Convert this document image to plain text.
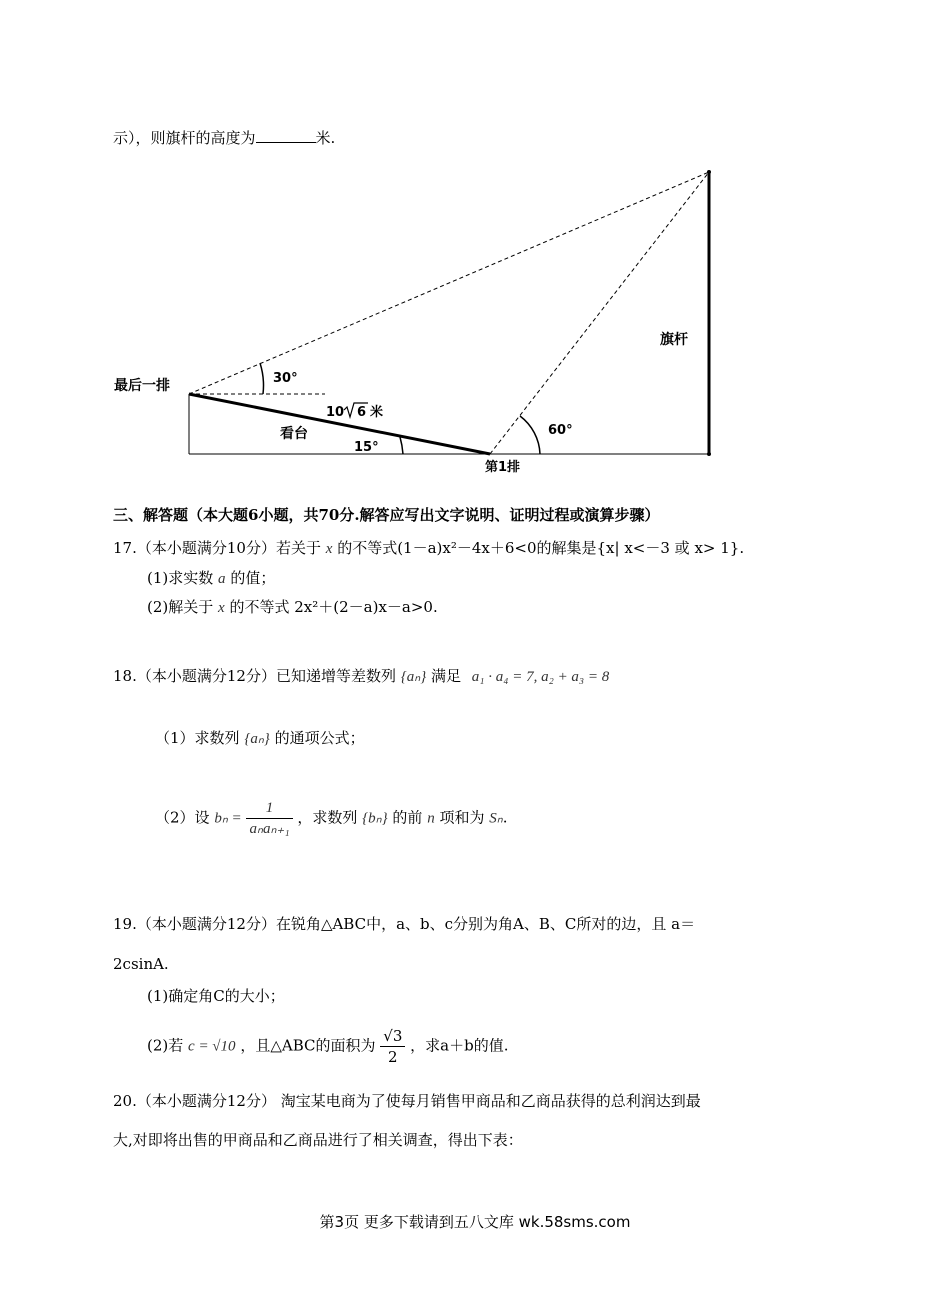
示），则旗杆的高度为	米.
最后一排
第1排
旗杆
看台
30°
15°
60°
10 6 米
三、解答题（本大题6小题，共70分.解答应写出文字说明、证明过程或演算步骤）
17.（本小题满分10分）若关于 x 的不等式(1－a)x²－4x＋6<0的解集是{x| x<－3 或 x> 1}.
(1)求实数 a 的值；
(2)解关于 x 的不等式 2x²＋(2－a)x－a>0.
18.（本小题满分12分）已知递增等差数列 {aₙ} 满足 a₁ · a₄ = 7, a₂ + a₃ = 8
（1）求数列 {aₙ} 的通项公式；
（2）设 $b_n = \frac{1}{\text{aₙaₙ₊₁}}$ ，求数列 {bₙ} 的前 n 项和为 Sₙ.
19.（本小题满分12分）在锐角△ABC中，a、b、c分别为角A、B、C所对的边，且 a＝
2csinA.
(1)确定角C的大小；
(2)若 c = √10 ，且△ABC的面积为 $\frac{√3}{2}$ ，求a＋b的值.
20.（本小题满分12分） 淘宝某电商为了使每月销售甲商品和乙商品获得的总利润达到最
大,对即将出售的甲商品和乙商品进行了相关调查，得出下表：
第3页 更多下载请到五八文库 wk.58sms.com
